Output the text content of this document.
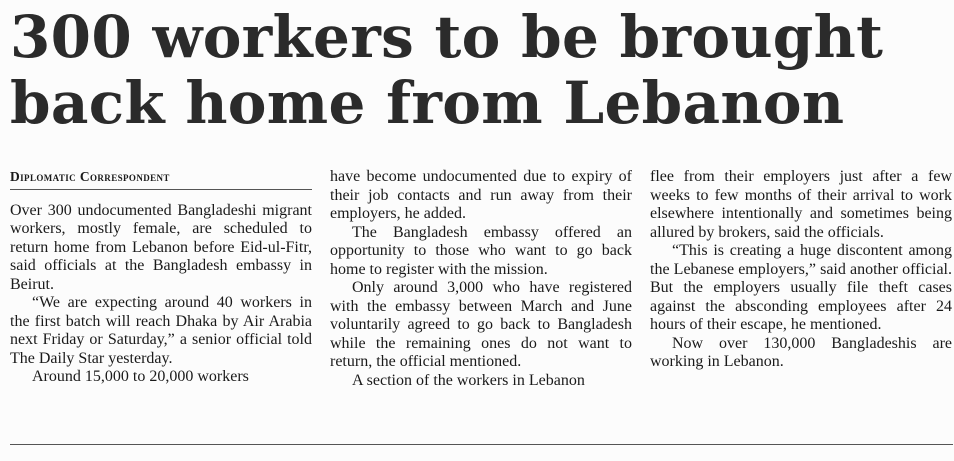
300 workers to be brought
back home from Lebanon
Diplomatic Correspondent

Over 300 undocumented Bangladeshi migrant workers, mostly female, are scheduled to return home from Lebanon before Eid-ul-Fitr, said officials at the Bangladesh embassy in Beirut.

“We are expecting around 40 workers in the first batch will reach Dhaka by Air Arabia next Friday or Saturday,” a senior official told The Daily Star yesterday.

Around 15,000 to 20,000 workers

have become undocumented due to expiry of their job contacts and run away from their employers, he added.

The Bangladesh embassy offered an opportunity to those who want to go back home to register with the mission.

Only around 3,000 who have registered with the embassy between March and June voluntarily agreed to go back to Bangladesh while the remaining ones do not want to return, the official mentioned.

A section of the workers in Lebanon

flee from their employers just after a few weeks to few months of their arrival to work elsewhere intentionally and sometimes being allured by brokers, said the officials.

“This is creating a huge discontent among the Lebanese employers,” said another official. But the employers usually file theft cases against the absconding employees after 24 hours of their escape, he mentioned.

Now over 130,000 Bangladeshis are working in Lebanon.
